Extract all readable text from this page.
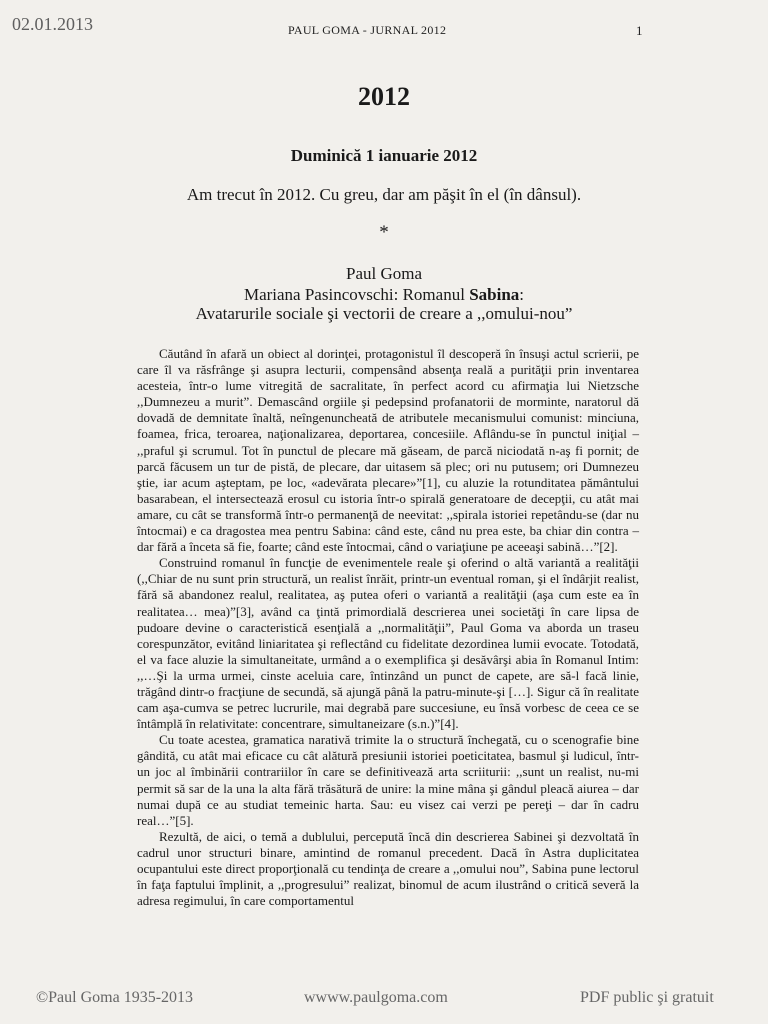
02.01.2013	PAUL GOMA - JURNAL 2012	1
2012
Duminică 1 ianuarie 2012
Am trecut în 2012. Cu greu, dar am păşit în el (în dânsul).
*
Paul Goma
Mariana Pasincovschi: Romanul Sabina:
Avatarurile sociale şi vectorii de creare a ,,omului-nou”

Căutând în afară un obiect al dorinţei, protagonistul îl descoperă în însuşi actul scrierii, pe care îl va răsfrânge şi asupra lecturii, compensând absenţa reală a purităţii prin inventarea acesteia, într-o lume vitregită de sacralitate, în perfect acord cu afirmaţia lui Nietzsche ,,Dumnezeu a murit”. Demascând orgiile şi pedepsind profanatorii de morminte, naratorul dă dovadă de demnitate înaltă, neîngenuncheată de atributele mecanismului comunist: minciuna, foamea, frica, teroarea, naţionalizarea, deportarea, concesiile. Aflându-se în punctul iniţial – ,,praful şi scrumul. Tot în punctul de plecare mă găseam, de parcă niciodată n-aş fi pornit; de parcă făcusem un tur de pistă, de plecare, dar uitasem să plec; ori nu putusem; ori Dumnezeu ştie, iar acum aşteptam, pe loc, «adevărata plecare»”[1], cu aluzie la rotunditatea pământului basarabean, el intersectează erosul cu istoria într-o spirală generatoare de decepţii, cu atât mai amare, cu cât se transformă într-o permanenţă de neevitat: ,,spirala istoriei repetându-se (dar nu întocmai) e ca dragostea mea pentru Sabina: când este, când nu prea este, ba chiar din contra – dar fără a înceta să fie, foarte; când este întocmai, când o variaţiune pe aceeaşi sabină…”[2].

Construind romanul în funcţie de evenimentele reale şi oferind o altă variantă a realităţii (,,Chiar de nu sunt prin structură, un realist înrăit, printr-un eventual roman, şi el îndârjit realist, fără să abandonez realul, realitatea, aş putea oferi o variantă a realităţii (aşa cum este ea în realitatea… mea)”[3], având ca ţintă primordială descrierea unei societăţi în care lipsa de pudoare devine o caracteristică esenţială a ,,normalităţii”, Paul Goma va aborda un traseu corespunzător, evitând liniaritatea şi reflectând cu fidelitate dezordinea lumii evocate. Totodată, el va face aluzie la simultaneitate, urmând a o exemplifica şi desăvârşi abia în Romanul Intim: ,,…Şi la urma urmei, cinste aceluia care, întinzând un punct de capete, are să-l facă linie, trăgând dintr-o fracţiune de secundă, să ajungă până la patru-minute-şi […]. Sigur că în realitate cam aşa-cumva se petrec lucrurile, mai degrabă pare succesiune, eu însă vorbesc de ceea ce se întâmplă în relativitate: concentrare, simultaneizare (s.n.)”[4].

Cu toate acestea, gramatica narativă trimite la o structură închegată, cu o scenografie bine gândită, cu atât mai eficace cu cât alătură presiunii istoriei poeticitatea, basmul şi ludicul, într-un joc al îmbinării contrariilor în care se definitivează arta scriiturii: ,,sunt un realist, nu-mi permit să sar de la una la alta fără trăsătură de unire: la mine mâna şi gândul pleacă aiurea – dar numai după ce au studiat temeinic harta. Sau: eu visez cai verzi pe pereţi – dar în cadru real…”[5].

Rezultă, de aici, o temă a dublului, percepută încă din descrierea Sabinei şi dezvoltată în cadrul unor structuri binare, amintind de romanul precedent. Dacă în Astra duplicitatea ocupantului este direct proporţională cu tendinţa de creare a ,,omului nou”, Sabina pune lectorul în faţa faptului împlinit, a ,,progresului” realizat, binomul de acum ilustrând o critică severă la adresa regimului, în care comportamentul

©Paul Goma 1935-2013	wwww.paulgoma.com	PDF public şi gratuit
